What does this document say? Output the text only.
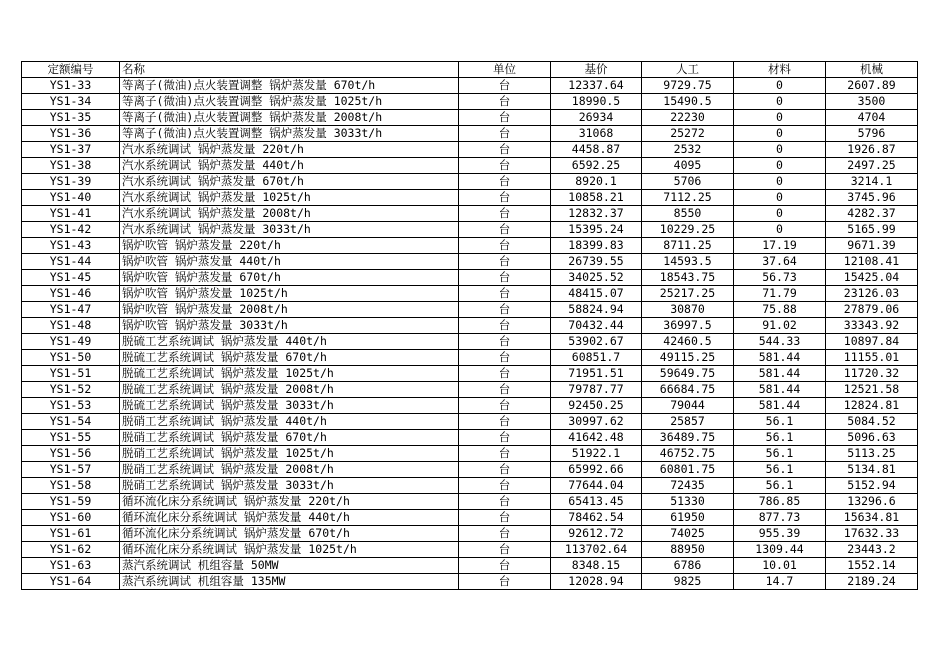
定额编号	名称	单位	基价	人工	材料	机械
YS1-33	等离子(微油)点火装置调整 锅炉蒸发量 670t/h	台	12337.64	9729.75	0	2607.89
YS1-34	等离子(微油)点火装置调整 锅炉蒸发量 1025t/h	台	18990.5	15490.5	0	3500
YS1-35	等离子(微油)点火装置调整 锅炉蒸发量 2008t/h	台	26934	22230	0	4704
YS1-36	等离子(微油)点火装置调整 锅炉蒸发量 3033t/h	台	31068	25272	0	5796
YS1-37	汽水系统调试 锅炉蒸发量 220t/h	台	4458.87	2532	0	1926.87
YS1-38	汽水系统调试 锅炉蒸发量 440t/h	台	6592.25	4095	0	2497.25
YS1-39	汽水系统调试 锅炉蒸发量 670t/h	台	8920.1	5706	0	3214.1
YS1-40	汽水系统调试 锅炉蒸发量 1025t/h	台	10858.21	7112.25	0	3745.96
YS1-41	汽水系统调试 锅炉蒸发量 2008t/h	台	12832.37	8550	0	4282.37
YS1-42	汽水系统调试 锅炉蒸发量 3033t/h	台	15395.24	10229.25	0	5165.99
YS1-43	锅炉吹管 锅炉蒸发量 220t/h	台	18399.83	8711.25	17.19	9671.39
YS1-44	锅炉吹管 锅炉蒸发量 440t/h	台	26739.55	14593.5	37.64	12108.41
YS1-45	锅炉吹管 锅炉蒸发量 670t/h	台	34025.52	18543.75	56.73	15425.04
YS1-46	锅炉吹管 锅炉蒸发量 1025t/h	台	48415.07	25217.25	71.79	23126.03
YS1-47	锅炉吹管 锅炉蒸发量 2008t/h	台	58824.94	30870	75.88	27879.06
YS1-48	锅炉吹管 锅炉蒸发量 3033t/h	台	70432.44	36997.5	91.02	33343.92
YS1-49	脱硫工艺系统调试 锅炉蒸发量 440t/h	台	53902.67	42460.5	544.33	10897.84
YS1-50	脱硫工艺系统调试 锅炉蒸发量 670t/h	台	60851.7	49115.25	581.44	11155.01
YS1-51	脱硫工艺系统调试 锅炉蒸发量 1025t/h	台	71951.51	59649.75	581.44	11720.32
YS1-52	脱硫工艺系统调试 锅炉蒸发量 2008t/h	台	79787.77	66684.75	581.44	12521.58
YS1-53	脱硫工艺系统调试 锅炉蒸发量 3033t/h	台	92450.25	79044	581.44	12824.81
YS1-54	脱硝工艺系统调试 锅炉蒸发量 440t/h	台	30997.62	25857	56.1	5084.52
YS1-55	脱硝工艺系统调试 锅炉蒸发量 670t/h	台	41642.48	36489.75	56.1	5096.63
YS1-56	脱硝工艺系统调试 锅炉蒸发量 1025t/h	台	51922.1	46752.75	56.1	5113.25
YS1-57	脱硝工艺系统调试 锅炉蒸发量 2008t/h	台	65992.66	60801.75	56.1	5134.81
YS1-58	脱硝工艺系统调试 锅炉蒸发量 3033t/h	台	77644.04	72435	56.1	5152.94
YS1-59	循环流化床分系统调试 锅炉蒸发量 220t/h	台	65413.45	51330	786.85	13296.6
YS1-60	循环流化床分系统调试 锅炉蒸发量 440t/h	台	78462.54	61950	877.73	15634.81
YS1-61	循环流化床分系统调试 锅炉蒸发量 670t/h	台	92612.72	74025	955.39	17632.33
YS1-62	循环流化床分系统调试 锅炉蒸发量 1025t/h	台	113702.64	88950	1309.44	23443.2
YS1-63	蒸汽系统调试 机组容量 50MW	台	8348.15	6786	10.01	1552.14
YS1-64	蒸汽系统调试 机组容量 135MW	台	12028.94	9825	14.7	2189.24
